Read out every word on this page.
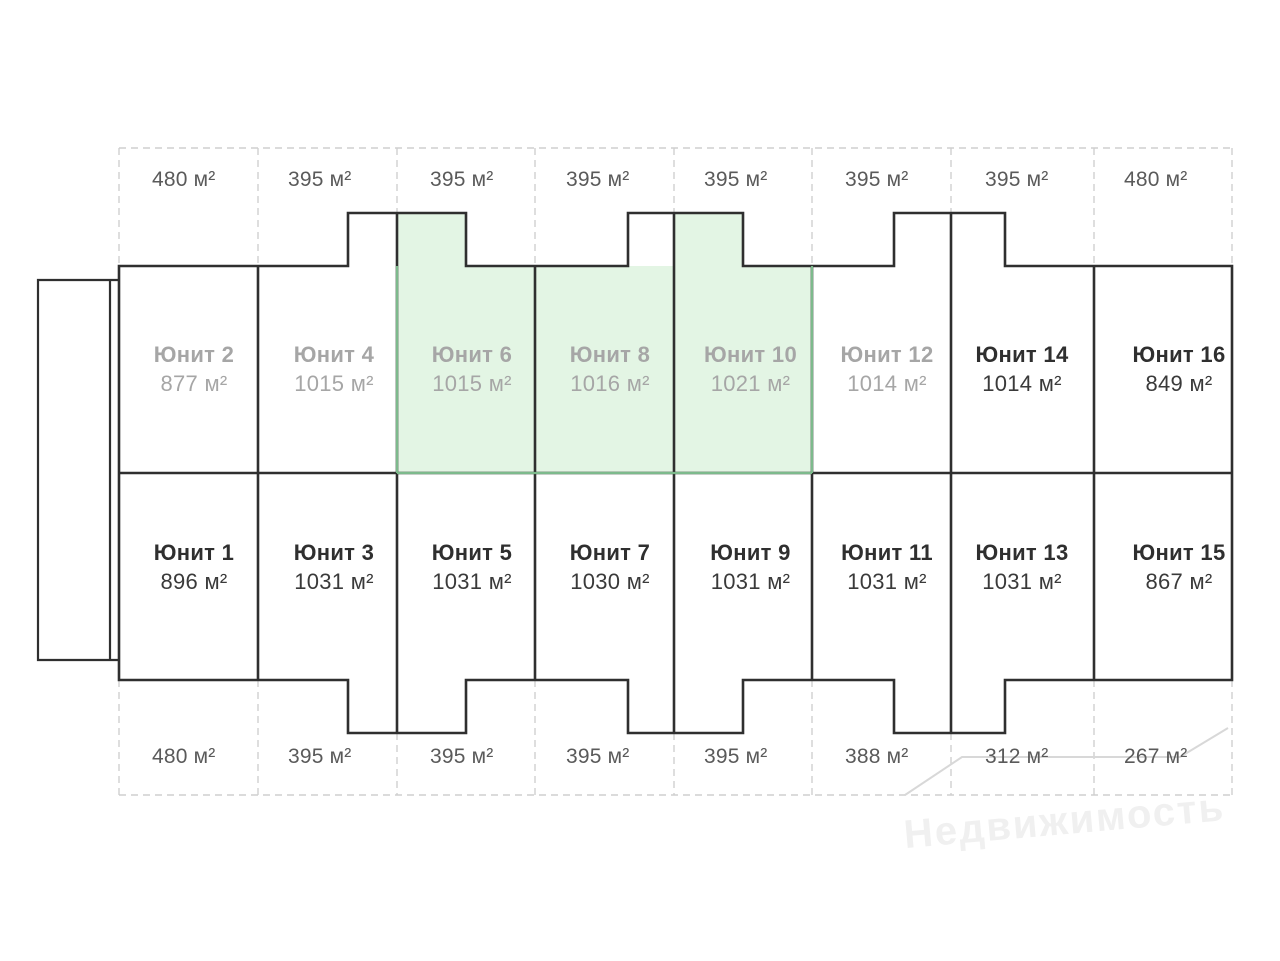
480 м²	395 м²	395 м²	395 м²	395 м²	395 м²	395 м²	480 м²
480 м²	395 м²	395 м²	395 м²	395 м²	388 м²	312 м²	267 м²
Юнит 2
877 м²
Юнит 4
1015 м²
Юнит 6
1015 м²
Юнит 8
1016 м²
Юнит 10
1021 м²
Юнит 12
1014 м²
Юнит 14
1014 м²
Юнит 16
849 м²
Юнит 1
896 м²
Юнит 3
1031 м²
Юнит 5
1031 м²
Юнит 7
1030 м²
Юнит 9
1031 м²
Юнит 11
1031 м²
Юнит 13
1031 м²
Юнит 15
867 м²
Недвижимость
